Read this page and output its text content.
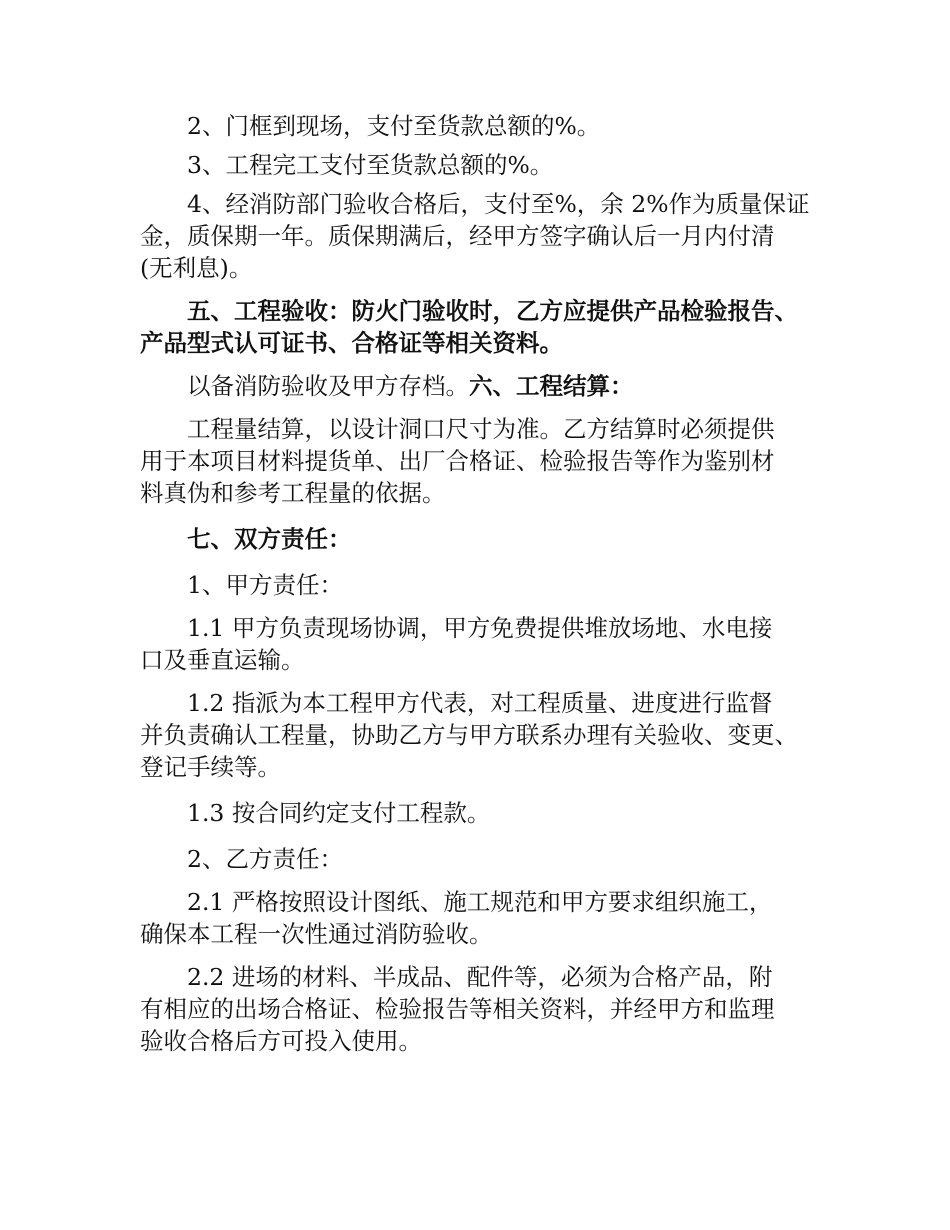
2、门框到现场，支付至货款总额的%。

3、工程完工支付至货款总额的%。

4、经消防部门验收合格后，支付至%，余 2%作为质量保证
金，质保期一年。质保期满后，经甲方签字确认后一月内付清
(无利息)。

五、工程验收：防火门验收时，乙方应提供产品检验报告、
产品型式认可证书、合格证等相关资料。

以备消防验收及甲方存档。六、工程结算：

工程量结算，以设计洞口尺寸为准。乙方结算时必须提供
用于本项目材料提货单、出厂合格证、检验报告等作为鉴别材
料真伪和参考工程量的依据。

七、双方责任：

1、甲方责任：

1.1 甲方负责现场协调，甲方免费提供堆放场地、水电接
口及垂直运输。

1.2 指派为本工程甲方代表，对工程质量、进度进行监督
并负责确认工程量，协助乙方与甲方联系办理有关验收、变更、
登记手续等。

1.3 按合同约定支付工程款。

2、乙方责任：

2.1 严格按照设计图纸、施工规范和甲方要求组织施工，
确保本工程一次性通过消防验收。

2.2 进场的材料、半成品、配件等，必须为合格产品，附
有相应的出场合格证、检验报告等相关资料，并经甲方和监理
验收合格后方可投入使用。
